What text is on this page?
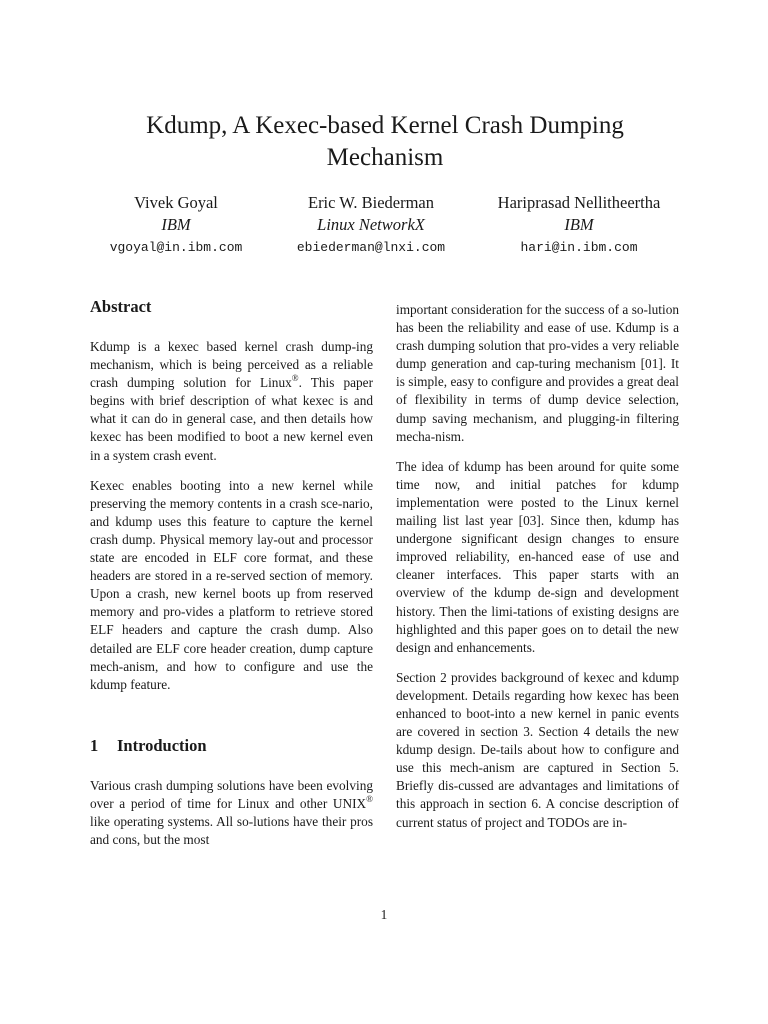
Kdump, A Kexec-based Kernel Crash Dumping
Mechanism
Vivek Goyal
IBM
vgoyal@in.ibm.com
Eric W. Biederman
Linux NetworkX
ebiederman@lnxi.com
Hariprasad Nellitheertha
IBM
hari@in.ibm.com
Abstract

Kdump is a kexec based kernel crash dump-ing mechanism, which is being perceived as a reliable crash dumping solution for Linux®. This paper begins with brief description of what kexec is and what it can do in general case, and then details how kexec has been modified to boot a new kernel even in a system crash event.

Kexec enables booting into a new kernel while preserving the memory contents in a crash sce-nario, and kdump uses this feature to capture the kernel crash dump. Physical memory lay-out and processor state are encoded in ELF core format, and these headers are stored in a re-served section of memory. Upon a crash, new kernel boots up from reserved memory and pro-vides a platform to retrieve stored ELF headers and capture the crash dump. Also detailed are ELF core header creation, dump capture mech-anism, and how to configure and use the kdump feature.

1 Introduction

Various crash dumping solutions have been evolving over a period of time for Linux and other UNIX® like operating systems. All so-lutions have their pros and cons, but the most

important consideration for the success of a so-lution has been the reliability and ease of use. Kdump is a crash dumping solution that pro-vides a very reliable dump generation and cap-turing mechanism [01]. It is simple, easy to configure and provides a great deal of flexibility in terms of dump device selection, dump saving mechanism, and plugging-in filtering mecha-nism.

The idea of kdump has been around for quite some time now, and initial patches for kdump implementation were posted to the Linux kernel mailing list last year [03]. Since then, kdump has undergone significant design changes to ensure improved reliability, en-hanced ease of use and cleaner interfaces. This paper starts with an overview of the kdump de-sign and development history. Then the limi-tations of existing designs are highlighted and this paper goes on to detail the new design and enhancements.

Section 2 provides background of kexec and kdump development. Details regarding how kexec has been enhanced to boot-into a new kernel in panic events are covered in section 3. Section 4 details the new kdump design. De-tails about how to configure and use this mech-anism are captured in Section 5. Briefly dis-cussed are advantages and limitations of this approach in section 6. A concise description of current status of project and TODOs are in-

1
